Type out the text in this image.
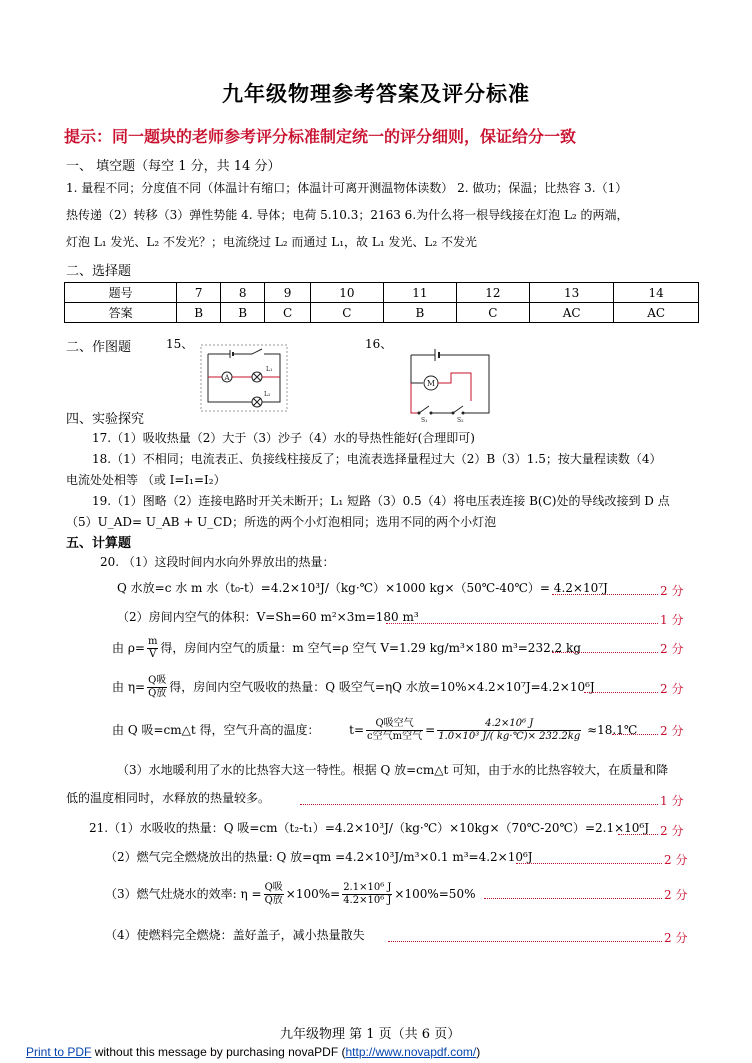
九年级物理参考答案及评分标准
提示：同一题块的老师参考评分标准制定统一的评分细则，保证给分一致
一、 填空题（每空 1 分，共 14 分）
1. 量程不同；分度值不同（体温计有缩口；体温计可离开测温物体读数） 2. 做功；保温；比热容 3.（1）
热传递（2）转移（3）弹性势能 4. 导体；电荷 5.10.3；2163 6.为什么将一根导线接在灯泡 L₂ 的两端，
灯泡 L₁ 发光、L₂ 不发光？；电流绕过 L₂ 而通过 L₁，故 L₁ 发光、L₂ 不发光
二、选择题
题号	7	8	9	10	11	12	13	14
答案	B	B	C	C	B	C	AC	AC
二、作图题	15、	16、
A
L₁
L₂
M
S₁	S₂
四、实验探究
17.（1）吸收热量（2）大于（3）沙子（4）水的导热性能好(合理即可)
18.（1）不相同；电流表正、负接线柱接反了；电流表选择量程过大（2）B（3）1.5；按大量程读数（4）
电流处处相等 （或 I=I₁=I₂）
19.（1）图略（2）连接电路时开关未断开；L₁ 短路（3）0.5（4）将电压表连接 B(C)处的导线改接到 D 点
（5）U_AD= U_AB + U_CD；所选的两个小灯泡相同；选用不同的两个小灯泡
五、计算题
20. （1）这段时间内水向外界放出的热量：
Q 水放=c 水 m 水（t₀-t）=4.2×10³J/（kg·℃）×1000 kg×（50℃-40℃）= 4.2×10⁷J	2 分
（2）房间内空气的体积：V=Sh=60 m²×3m=180 m³	1 分
由 $\rho= \frac{m}{V}$ 得，房间内空气的质量：m 空气=ρ 空气 V=1.29 kg/m³×180 m³=232.2 kg	2 分
由 $\eta= \frac{\text{Q吸}}{\text{Q放}}$ 得，房间内空气吸收的热量：Q 吸空气=ηQ 水放=10%×4.2×10⁷J=4.2×10⁶J	2 分
由 Q 吸=cm△t 得，空气升高的温度： $t= \frac{\text{Q吸空气}}{\text{c空气m空气}} = \frac{\text{4.2×10⁶ J}}{\text{1.0×10³ J/( kg·℃)× 232.2kg}}$ ≈18.1℃ 2 分
（3）水地暖利用了水的比热容大这一特性。根据 Q 放=cm△t 可知，由于水的比热容较大，在质量和降
低的温度相同时，水释放的热量较多。	1 分
21.（1）水吸收的热量：Q 吸=cm（t₂-t₁）=4.2×10³J/（kg·℃）×10kg×（70℃-20℃）=2.1×10⁶J 2 分
（2）燃气完全燃烧放出的热量: Q 放=qm =4.2×10³J/m³×0.1 m³=4.2×10⁶J	2 分
（3）燃气灶烧水的效率: $\eta = \frac{\text{Q吸}}{\text{Q放}} \times 100\%= \frac{\text{2.1×10⁶ J}}{\text{4.2×10⁶ J}} \times 100\%=50\%$	2 分
（4）使燃料完全燃烧：盖好盖子，减小热量散失	2 分
九年级物理 第 1 页（共 6 页）
Print to PDF without this message by purchasing novaPDF (http://www.novapdf.com/)
